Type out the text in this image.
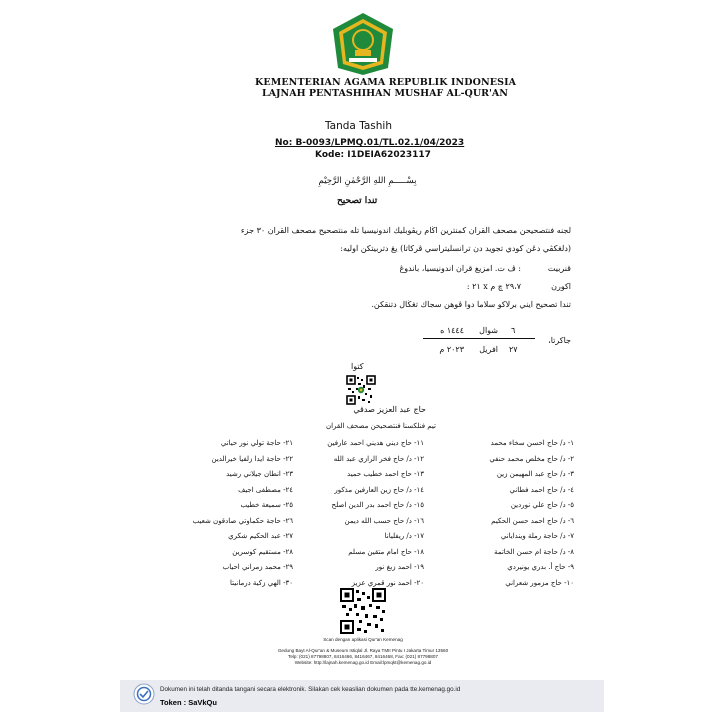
KEMENTERIAN AGAMA REPUBLIK INDONESIA
LAJNAH PENTASHIHAN MUSHAF AL-QUR'AN
Tanda Tashih
No: B-0093/LPMQ.01/TL.02.1/04/2023
Kode: I1DEIA62023117
بِسْـــــمِ اللهِ الرَّحْمٰنِ الرَّحِيْمِ
تندا تصحيح
لجنه فنتصحيحن مصحف القران كمنترين اڬام ريڤوبليك اندونيسيا تله منتصحيح مصحف القران ٣٠ جزء
(دلڠكڤي دڠن كودي تجويد دن ترانسليتراسي ڤركاتا) يڠ دتربيتكن اوليه:
قنربيت
: ڤ ت. امزيغ قران اندونيسيا، باندوڠ
اكورن
: ٢١ x ٢٩،٧ چ م
تندا تصحيح ايني برلاكو سلاما دوا ڤوهن سجاك تڠڬال دتنقكن.
جاكرتا،
٦
شوال
١٤٤٤ ه
٢٧
افريل
٢٠٢٣ م
كتوا
حاج عبد العزيز صدقي
تيم فنلكسنا فنتصحيحن مصحف القران
١- د/ حاج احسن سخاء محمد
٢- د/ حاج مخلص محمد حنفي
٣- د/ حاج عبد المهيمن زين
٤- د/ حاج احمد فطاني
٥- د/ حاج علي نوردين
٦- د/ حاج احمد حسن الحكيم
٧- د/ حاجة رملة وينداياني
٨- د/ حاجة ام حسن الخاتمة
٩- حاج أ. بدري يونيردي
١٠- حاج مزمور شعراني
١١- حاج ديني هديني احمد عارفين
١٢- د/ حاج فخر الرازي عبد الله
١٣- حاج احمد خطيب حميد
١٤- د/ حاج زين العارفين مذكور
١٥- د/ حاج احمد بدر الدين اصلح
١٦- د/ حاج حسب الله ديمن
١٧- د/ ريفليانا
١٨- حاج امام متقين مسلم
١٩- احمد زبغ نور
٢٠- احمد نور قمري عزيز
٢١- حاجة تولي نور حياتي
٢٢- حاجة ايدا زلفيا خيرالدين
٢٣- انطان جيلاني رشيد
٢٤- مصطفى اجيف
٢٥- سميعة خطيب
٢٦- حاجة حكماوتي صادقون شعيب
٢٧- عبد الحكيم شكري
٢٨- مستقيم كوسرين
٢٩- محمد زمراني احياب
٣٠- الهي زكية درمانيتا
Scan dengan aplikasi Qur'an Kemenag
Gedung Bayt Al-Qur'an & Museum Istiqlal Jl. Raya TMII Pintu I Jakarta Timur 13560
Telp: (021) 87798807, 8416466, 8416467, 8416468, Fax: (021) 87798807
Website: http://lajnah.kemenag.go.id Email:lpmqkt@kemenag.go.id
Dokumen ini telah ditanda tangani secara elektronik. Silakan cek keaslian dokumen pada tte.kemenag.go.id
Token : SaVkQu
